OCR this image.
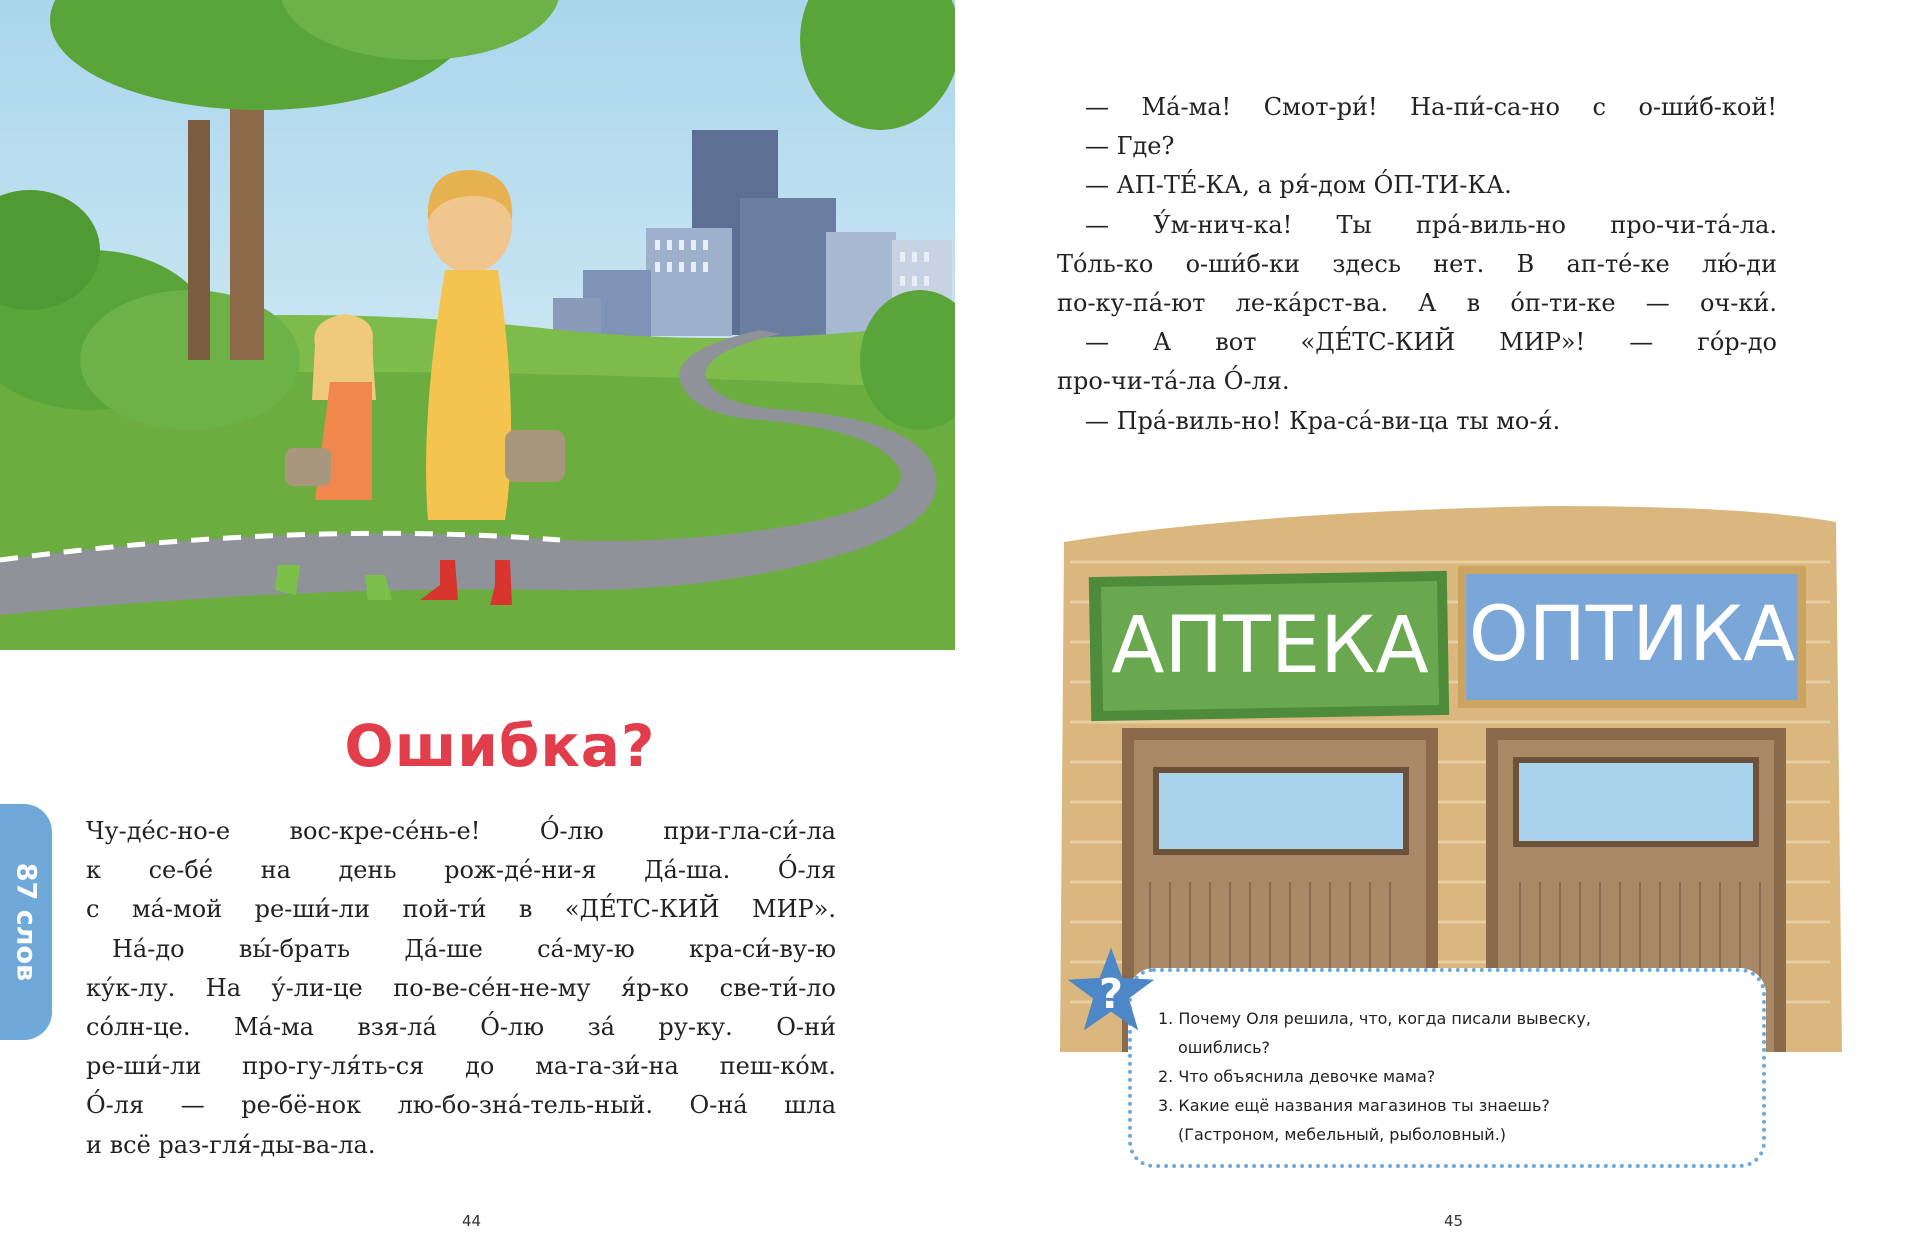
Ошибка?
87 слов

Чу-де́с-но-е вос-кре-се́нь-е! О́-лю при-гла-си́-ла

к се-бе́ на день рож-де́-ни-я Да́-ша. О́-ля

с ма́-мой ре-ши́-ли пой-ти́ в «ДЕ́ТС-КИЙ МИР».

На́-до вы́-брать Да́-ше са́-му-ю кра-си́-ву-ю

ку́к-лу. На у́-ли-це по-ве-се́н-не-му я́р-ко све-ти́-ло

со́лн-це. Ма́-ма взя-ла́ О́-лю за́ ру-ку. О-ни́

ре-ши́-ли про-гу-ля́ть-ся до ма-га-зи́-на пеш-ко́м.

О́-ля — ре-бё-нок лю-бо-зна́-тель-ный. О-на́ шла

и всё раз-гля́-ды-ва-ла.

44

— Ма́-ма! Смот-ри́! На-пи́-са-но с о-ши́б-кой!

— Где?

— АП-ТЕ́-КА, а ря́-дом О́П-ТИ-КА.

— У́м-нич-ка! Ты пра́-виль-но про-чи-та́-ла.

То́ль-ко о-ши́б-ки здесь нет. В ап-те́-ке лю́-ди

по-ку-па́-ют ле-ка́рст-ва. А в о́п-ти-ке — оч-ки́.

— А вот «ДЕ́ТС-КИЙ МИР»! — го́р-до

про-чи-та́-ла О́-ля.

— Пра́-виль-но! Кра-са́-ви-ца ты мо-я́.

АПТЕКА ОПТИКА
1. Почему Оля решила, что, когда писали вывеску,
ошиблись?
2. Что объяснила девочке мама?
3. Какие ещё названия магазинов ты знаешь?
(Гастроном, мебельный, рыболовный.)
?
45
